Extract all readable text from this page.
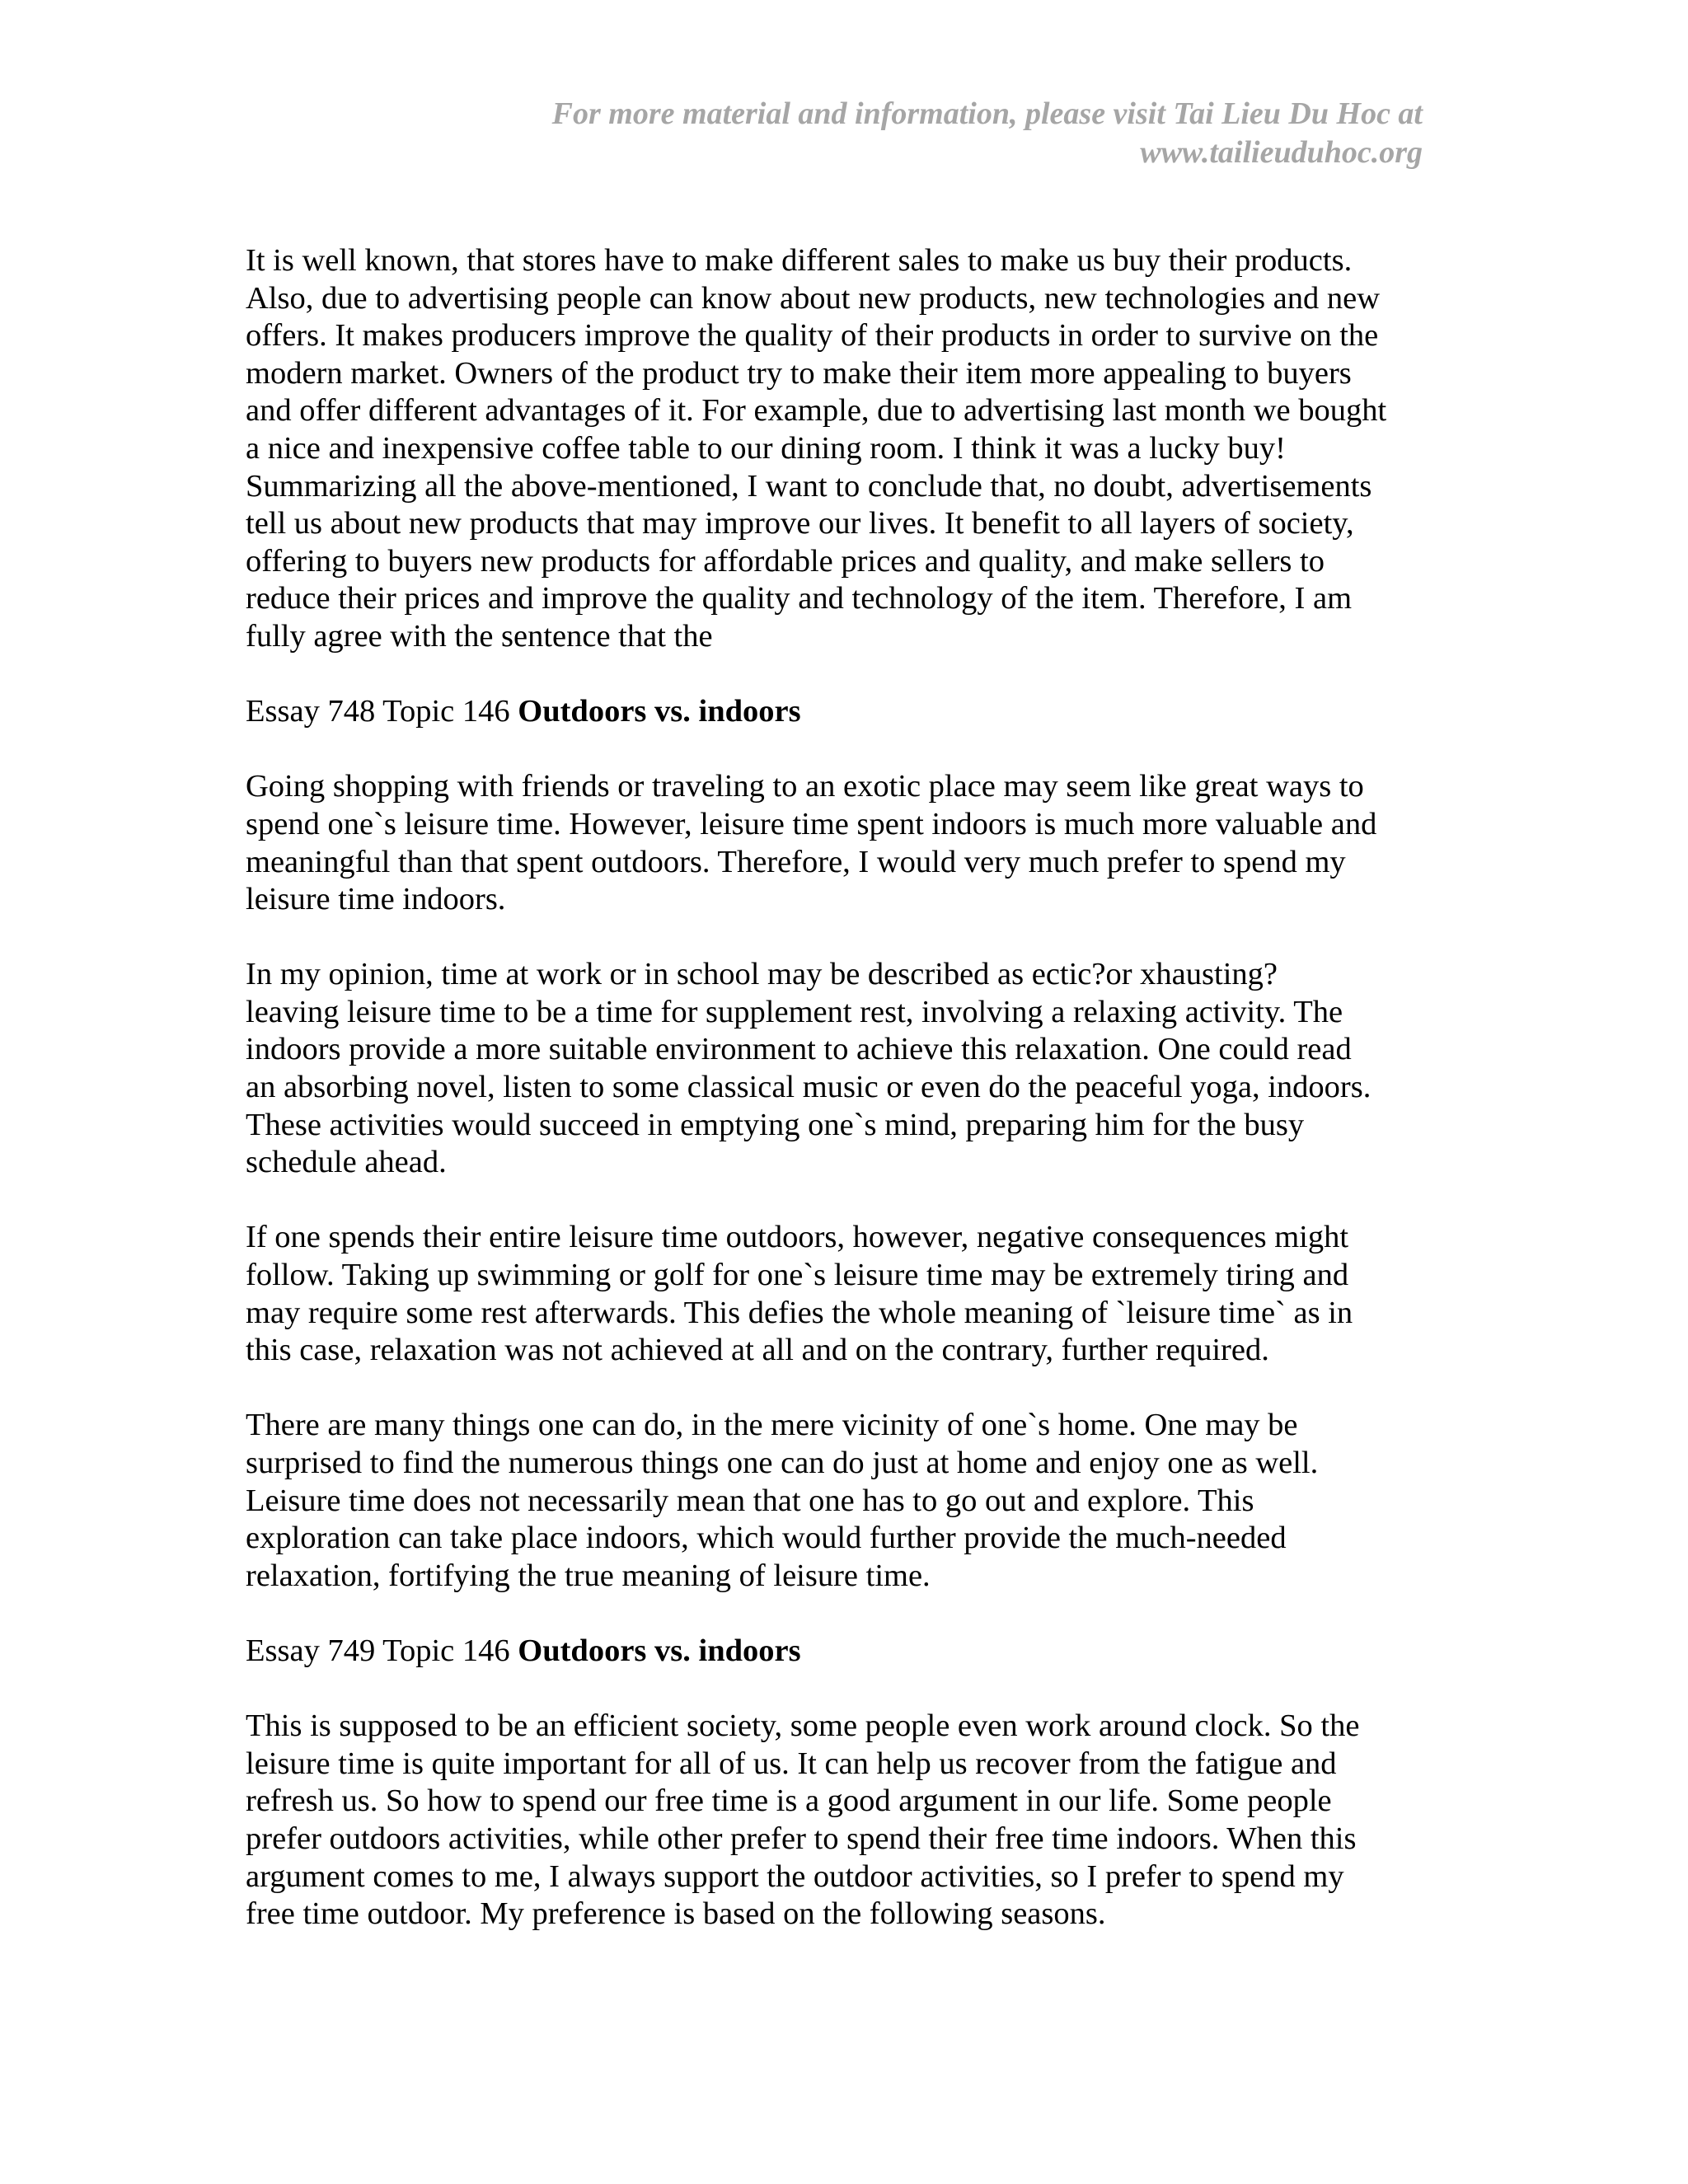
For more material and information, please visit Tai Lieu Du Hoc at
www.tailieuduhoc.org
It is well known, that stores have to make different sales to make us buy their products.
Also, due to advertising people can know about new products, new technologies and new
offers. It makes producers improve the quality of their products in order to survive on the
modern market. Owners of the product try to make their item more appealing to buyers
and offer different advantages of it. For example, due to advertising last month we bought
a nice and inexpensive coffee table to our dining room. I think it was a lucky buy!
Summarizing all the above-mentioned, I want to conclude that, no doubt, advertisements
tell us about new products that may improve our lives. It benefit to all layers of society,
offering to buyers new products for affordable prices and quality, and make sellers to
reduce their prices and improve the quality and technology of the item. Therefore, I am
fully agree with the sentence that the

Essay 748 Topic 146 Outdoors vs. indoors

Going shopping with friends or traveling to an exotic place may seem like great ways to
spend one`s leisure time. However, leisure time spent indoors is much more valuable and
meaningful than that spent outdoors. Therefore, I would very much prefer to spend my
leisure time indoors.
In my opinion, time at work or in school may be described as ectic?or xhausting?
leaving leisure time to be a time for supplement rest, involving a relaxing activity. The
indoors provide a more suitable environment to achieve this relaxation. One could read
an absorbing novel, listen to some classical music or even do the peaceful yoga, indoors.
These activities would succeed in emptying one`s mind, preparing him for the busy
schedule ahead.
If one spends their entire leisure time outdoors, however, negative consequences might
follow. Taking up swimming or golf for one`s leisure time may be extremely tiring and
may require some rest afterwards. This defies the whole meaning of `leisure time` as in
this case, relaxation was not achieved at all and on the contrary, further required.
There are many things one can do, in the mere vicinity of one`s home. One may be
surprised to find the numerous things one can do just at home and enjoy one as well.
Leisure time does not necessarily mean that one has to go out and explore. This
exploration can take place indoors, which would further provide the much-needed
relaxation, fortifying the true meaning of leisure time.

Essay 749 Topic 146 Outdoors vs. indoors

This is supposed to be an efficient society, some people even work around clock. So the
leisure time is quite important for all of us. It can help us recover from the fatigue and
refresh us. So how to spend our free time is a good argument in our life. Some people
prefer outdoors activities, while other prefer to spend their free time indoors. When this
argument comes to me, I always support the outdoor activities, so I prefer to spend my
free time outdoor. My preference is based on the following seasons.
